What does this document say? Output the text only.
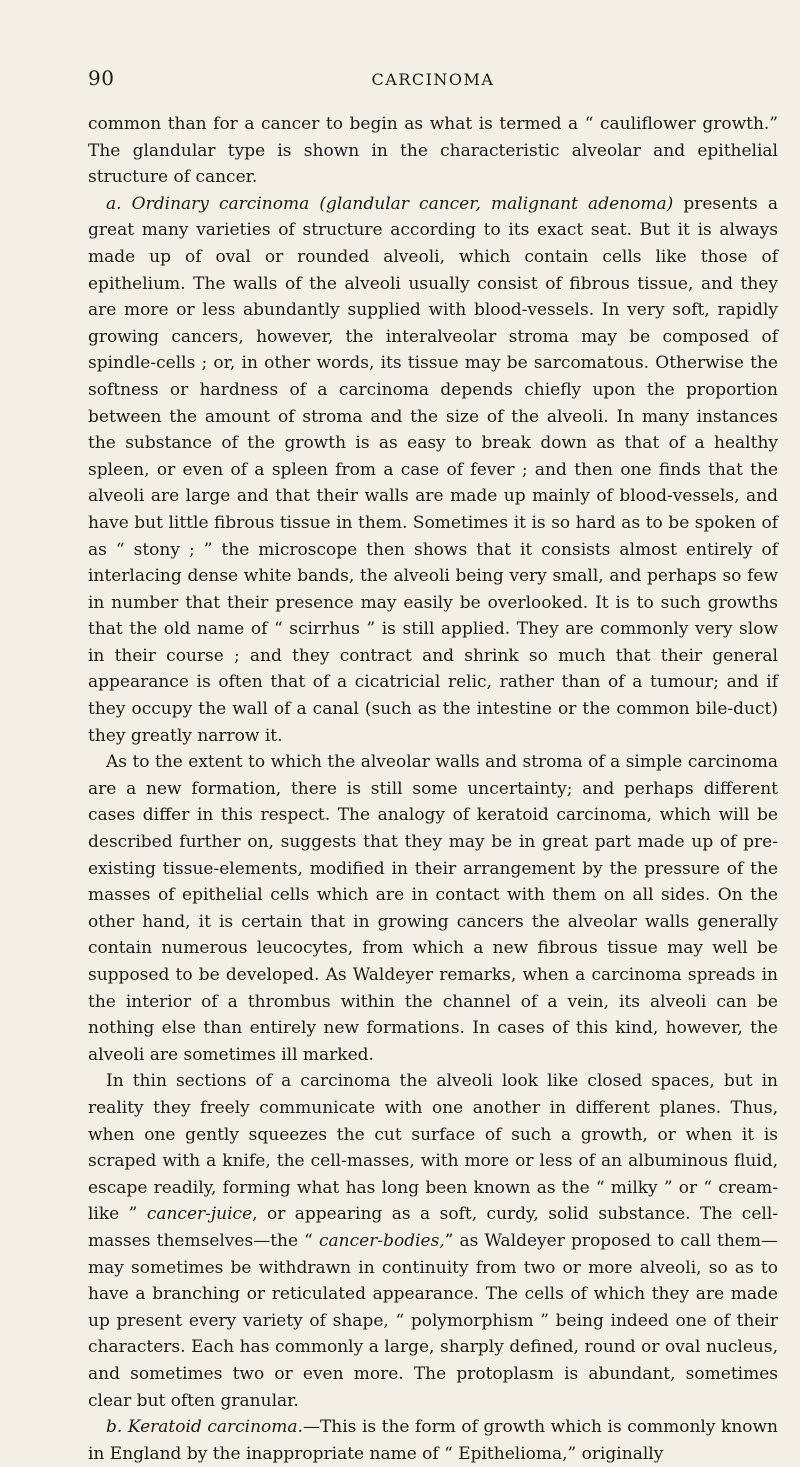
90	CARCINOMA

common than for a cancer to begin as what is termed a “ cauliflower growth.” The glandular type is shown in the characteristic alveolar and epithelial structure of cancer.

a. Ordinary carcinoma (glandular cancer, malignant adenoma) presents a great many varieties of structure according to its exact seat. But it is always made up of oval or rounded alveoli, which contain cells like those of epithelium. The walls of the alveoli usually consist of fibrous tissue, and they are more or less abundantly supplied with blood-vessels. In very soft, rapidly growing cancers, however, the interalveolar stroma may be composed of spindle-cells ; or, in other words, its tissue may be sarcomatous. Otherwise the softness or hardness of a carcinoma depends chiefly upon the proportion between the amount of stroma and the size of the alveoli. In many instances the substance of the growth is as easy to break down as that of a healthy spleen, or even of a spleen from a case of fever ; and then one finds that the alveoli are large and that their walls are made up mainly of blood-vessels, and have but little fibrous tissue in them. Sometimes it is so hard as to be spoken of as “ stony ; ” the microscope then shows that it consists almost entirely of interlacing dense white bands, the alveoli being very small, and perhaps so few in number that their presence may easily be overlooked. It is to such growths that the old name of “ scirrhus ” is still applied. They are commonly very slow in their course ; and they contract and shrink so much that their general appearance is often that of a cicatricial relic, rather than of a tumour; and if they occupy the wall of a canal (such as the intestine or the common bile-duct) they greatly narrow it.

As to the extent to which the alveolar walls and stroma of a simple carcinoma are a new formation, there is still some uncertainty; and perhaps different cases differ in this respect. The analogy of keratoid carcinoma, which will be described further on, suggests that they may be in great part made up of pre-existing tissue-elements, modified in their arrangement by the pressure of the masses of epithelial cells which are in contact with them on all sides. On the other hand, it is certain that in growing cancers the alveolar walls generally contain numerous leucocytes, from which a new fibrous tissue may well be supposed to be developed. As Waldeyer remarks, when a carcinoma spreads in the interior of a thrombus within the channel of a vein, its alveoli can be nothing else than entirely new formations. In cases of this kind, however, the alveoli are sometimes ill marked.

In thin sections of a carcinoma the alveoli look like closed spaces, but in reality they freely communicate with one another in different planes. Thus, when one gently squeezes the cut surface of such a growth, or when it is scraped with a knife, the cell-masses, with more or less of an albuminous fluid, escape readily, forming what has long been known as the “ milky ” or “ cream-like ” cancer-juice, or appearing as a soft, curdy, solid substance. The cell-masses themselves—the “ cancer-bodies,” as Waldeyer proposed to call them—may sometimes be withdrawn in continuity from two or more alveoli, so as to have a branching or reticulated appearance. The cells of which they are made up present every variety of shape, “ polymorphism ” being indeed one of their characters. Each has commonly a large, sharply defined, round or oval nucleus, and sometimes two or even more. The protoplasm is abundant, sometimes clear but often granular.

b. Keratoid carcinoma.—This is the form of growth which is commonly known in England by the inappropriate name of “ Epithelioma,” originally
